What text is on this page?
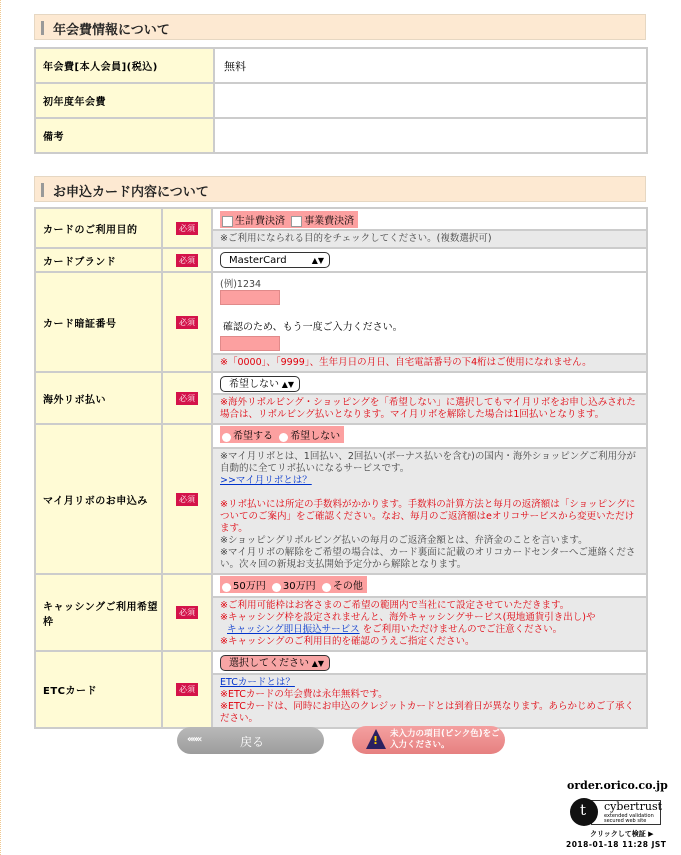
年会費情報について
年会費[本人会員](税込)	無料
初年度年会費	
備考	
お申込カード内容について
カードのご利用目的	必須	生計費決済 事業費決済
※ご利用になられる目的をチェックしてください。(複数選択可)

カードブランド	必須	MasterCard ▲▼

カード暗証番号	必須	(例)1234
確認のため、もう一度ご入力ください。
※「0000」、「9999」、生年月日の月日、自宅電話番号の下4桁はご使用になれません。

海外リボ払い	必須	希望しない ▲▼
※海外リボルビング・ショッピングを「希望しない」に選択してもマイ月リボをお申し込みされた場合は、リボルビング払いとなります。マイ月リボを解除した場合は1回払いとなります。

マイ月リボのお申込み	必須	
希望する 希望しない
※マイ月リボとは、1回払い、2回払い(ボーナス払いを含む)の国内・海外ショッピングご利用分が自動的に全てリボ払いになるサービスです。
>>マイ月リボとは？
※リボ払いには所定の手数料がかかります。手数料の計算方法と毎月の返済額は「ショッピングについてのご案内」をご確認ください。なお、毎月のご返済額はeオリコサービスから変更いただけます。
※ショッピングリボルビング払いの毎月のご返済金額とは、弁済金のことを言います。
※マイ月リボの解除をご希望の場合は、カード裏面に記載のオリコカードセンターへご連絡ください。次々回の新規お支払開始予定分から解除となります。

キャッシングご利用希望枠	必須	50万円 30万円 その他
※ご利用可能枠はお客さまのご希望の範囲内で当社にて設定させていただきます。
※キャッシング枠を設定されませんと、海外キャッシングサービス(現地通貨引き出し)や
キャッシング即日振込サービス をご利用いただけませんのでご注意ください。
※キャッシングのご利用目的を確認のうえご指定ください。

ETCカード	必須	選択してください ▲▼
ETCカードとは？
※ETCカードの年会費は永年無料です。
※ETCカードは、同時にお申込のクレジットカードとは到着日が異なります。あらかじめご了承ください。
«««	戻る	! 未入力の項目(ピンク色)をご入力ください。
order.orico.co.jp
cybertrust
extended validation
secured web site
t
クリックして検証 ▶
2018-01-18 11:28 JST
